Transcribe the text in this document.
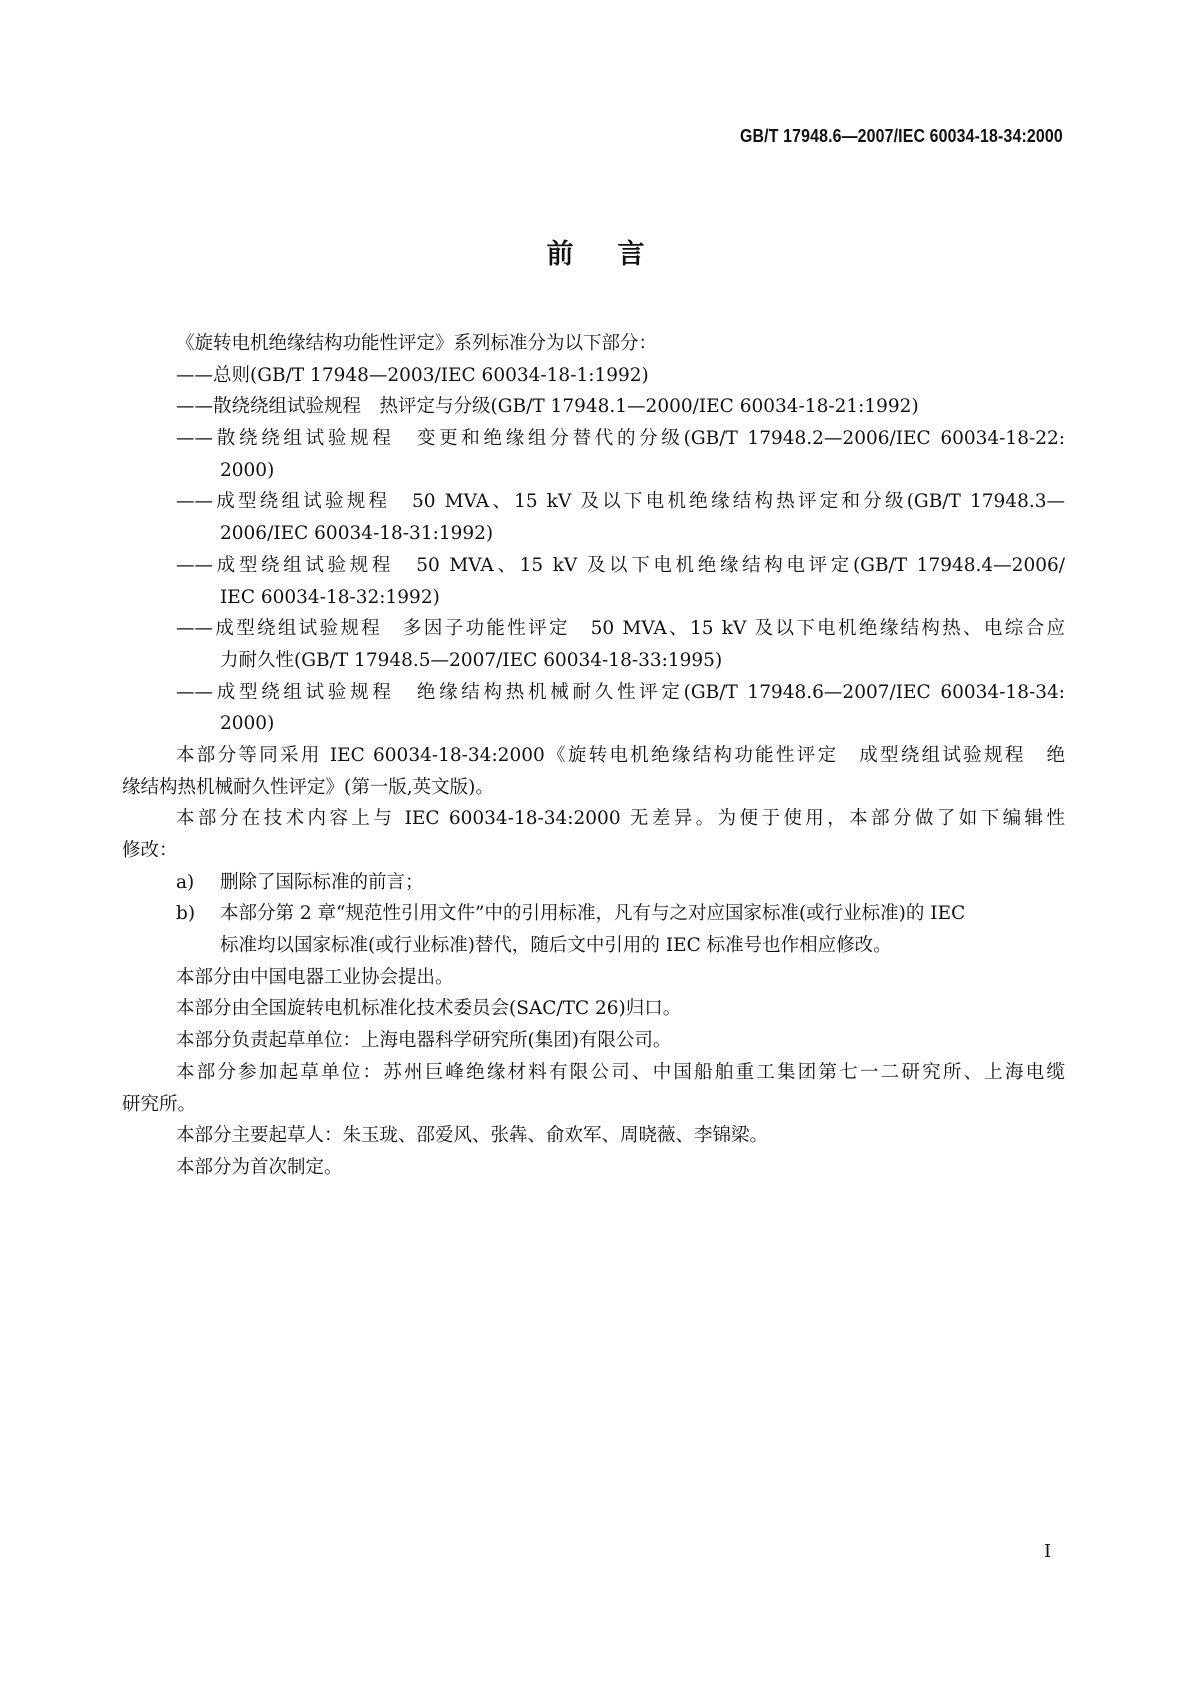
GB/T 17948.6—2007/IEC 60034-18-34:2000
前 言
《旋转电机绝缘结构功能性评定》系列标准分为以下部分：
——总则(GB/T 17948—2003/IEC 60034-18-1:1992)
——散绕绕组试验规程　热评定与分级(GB/T 17948.1—2000/IEC 60034-18-21:1992)
——散绕绕组试验规程　变更和绝缘组分替代的分级(GB/T 17948.2—2006/IEC 60034-18-22:
2000)
——成型绕组试验规程　50 MVA、15 kV 及以下电机绝缘结构热评定和分级(GB/T 17948.3—
2006/IEC 60034-18-31:1992)
——成型绕组试验规程　50 MVA、15 kV 及以下电机绝缘结构电评定(GB/T 17948.4—2006/
IEC 60034-18-32:1992)
——成型绕组试验规程　多因子功能性评定　50 MVA、15 kV 及以下电机绝缘结构热、电综合应
力耐久性(GB/T 17948.5—2007/IEC 60034-18-33:1995)
——成型绕组试验规程　绝缘结构热机械耐久性评定(GB/T 17948.6—2007/IEC 60034-18-34:
2000)
本部分等同采用 IEC 60034-18-34:2000《旋转电机绝缘结构功能性评定　成型绕组试验规程　绝
缘结构热机械耐久性评定》(第一版,英文版)。
本部分在技术内容上与 IEC 60034-18-34:2000 无差异。为便于使用，本部分做了如下编辑性
修改：
a) 删除了国际标准的前言；
b) 本部分第 2 章“规范性引用文件”中的引用标准，凡有与之对应国家标准(或行业标准)的 IEC
标准均以国家标准(或行业标准)替代，随后文中引用的 IEC 标准号也作相应修改。
本部分由中国电器工业协会提出。
本部分由全国旋转电机标准化技术委员会(SAC/TC 26)归口。
本部分负责起草单位：上海电器科学研究所(集团)有限公司。
本部分参加起草单位：苏州巨峰绝缘材料有限公司、中国船舶重工集团第七一二研究所、上海电缆
研究所。
本部分主要起草人：朱玉珑、邵爱风、张犇、俞欢军、周晓薇、李锦梁。
本部分为首次制定。
I
